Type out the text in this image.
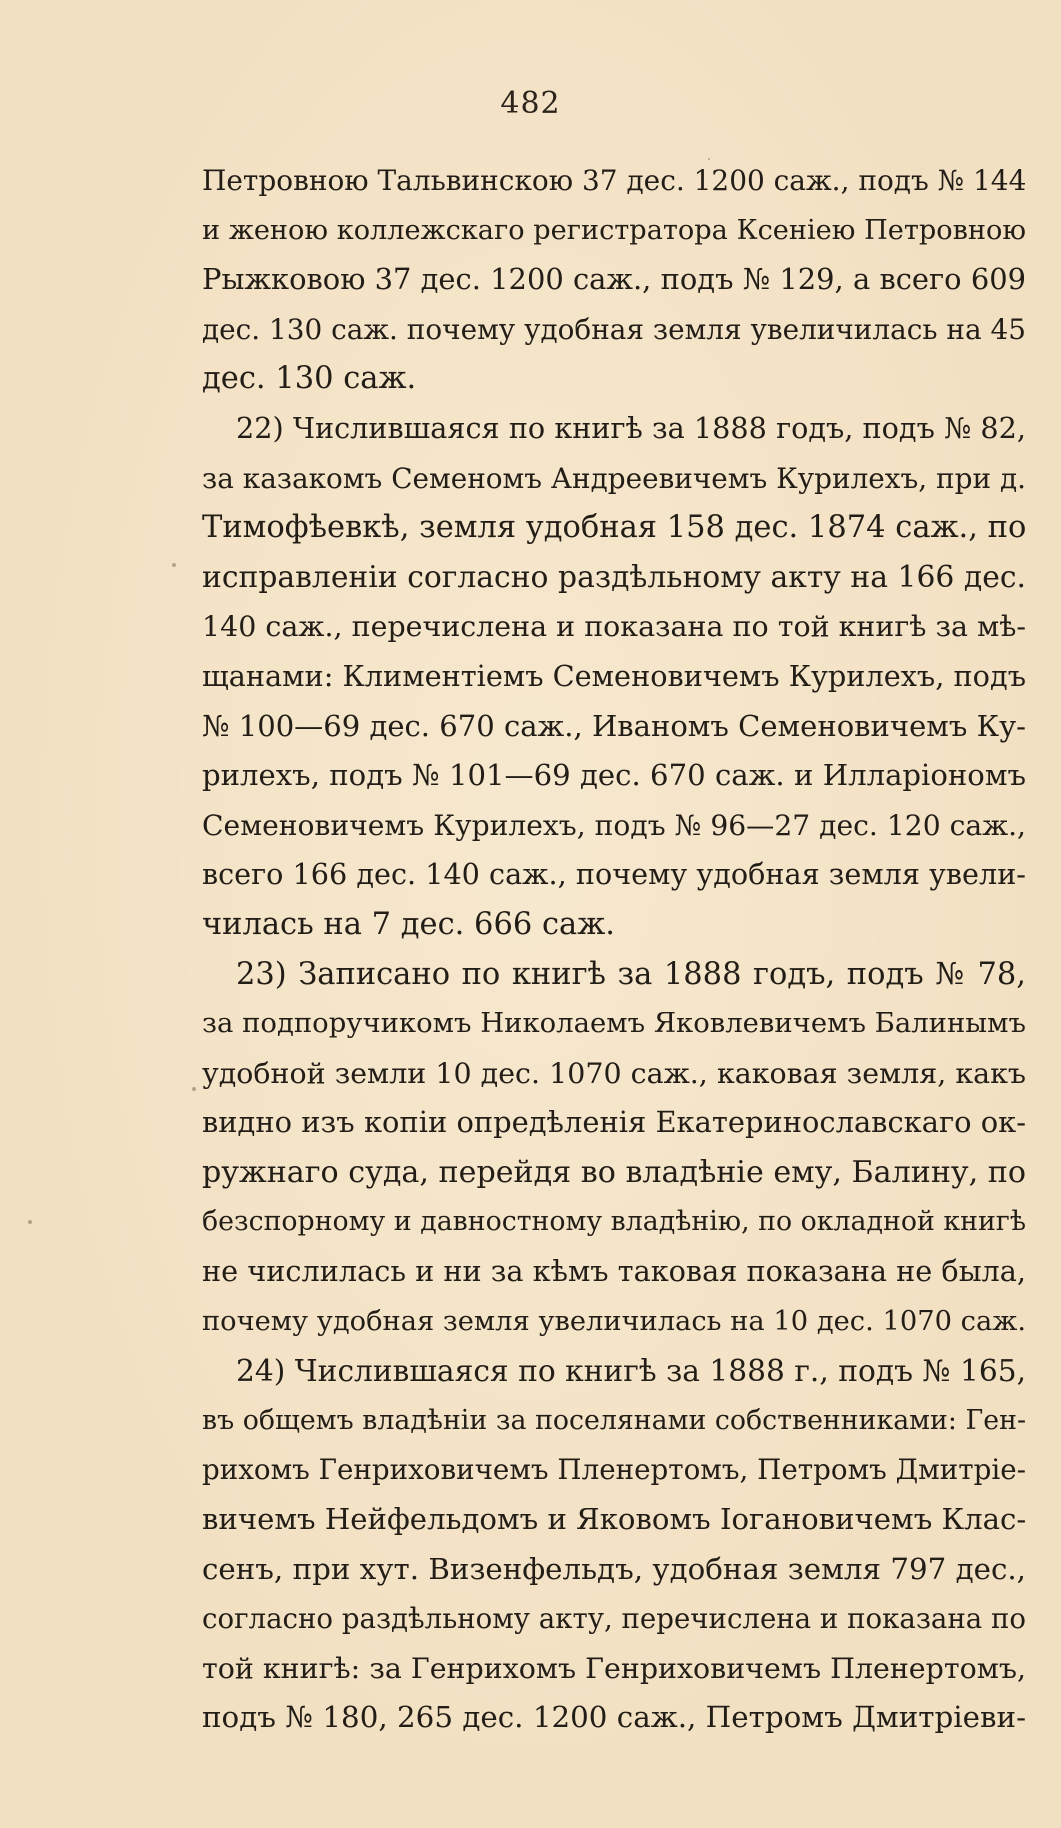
482
Петровною Тальвинскою 37 дес. 1200 саж., подъ № 144
и женою коллежскаго регистратора Ксеніею Петровною
Рыжковою 37 дес. 1200 саж., подъ № 129, а всего 609
дес. 130 саж. почему удобная земля увеличилась на 45
дес. 130 саж.
22) Числившаяся по книгѣ за 1888 годъ, подъ № 82,
за казакомъ Семеномъ Андреевичемъ Курилехъ, при д.
Тимофѣевкѣ, земля удобная 158 дес. 1874 саж., по
исправленіи согласно раздѣльному акту на 166 дес.
140 саж., перечислена и показана по той книгѣ за мѣ-
щанами: Климентіемъ Семеновичемъ Курилехъ, подъ
№ 100—69 дес. 670 саж., Иваномъ Семеновичемъ Ку-
рилехъ, подъ № 101—69 дес. 670 саж. и Илларіономъ
Семеновичемъ Курилехъ, подъ № 96—27 дес. 120 саж.,
всего 166 дес. 140 саж., почему удобная земля увели-
чилась на 7 дес. 666 саж.
23) Записано по книгѣ за 1888 годъ, подъ № 78,
за подпоручикомъ Николаемъ Яковлевичемъ Балинымъ
удобной земли 10 дес. 1070 саж., каковая земля, какъ
видно изъ копіи опредѣленія Екатеринославскаго ок-
ружнаго суда, перейдя во владѣніе ему, Балину, по
безспорному и давностному владѣнію, по окладной книгѣ
не числилась и ни за кѣмъ таковая показана не была,
почему удобная земля увеличилась на 10 дес. 1070 саж.
24) Числившаяся по книгѣ за 1888 г., подъ № 165,
въ общемъ владѣніи за поселянами собственниками: Ген-
рихомъ Генриховичемъ Пленертомъ, Петромъ Дмитріе-
вичемъ Нейфельдомъ и Яковомъ Іогановичемъ Клас-
сенъ, при хут. Визенфельдъ, удобная земля 797 дес.,
согласно раздѣльному акту, перечислена и показана по
той книгѣ: за Генрихомъ Генриховичемъ Пленертомъ,
подъ № 180, 265 дес. 1200 саж., Петромъ Дмитріеви-
